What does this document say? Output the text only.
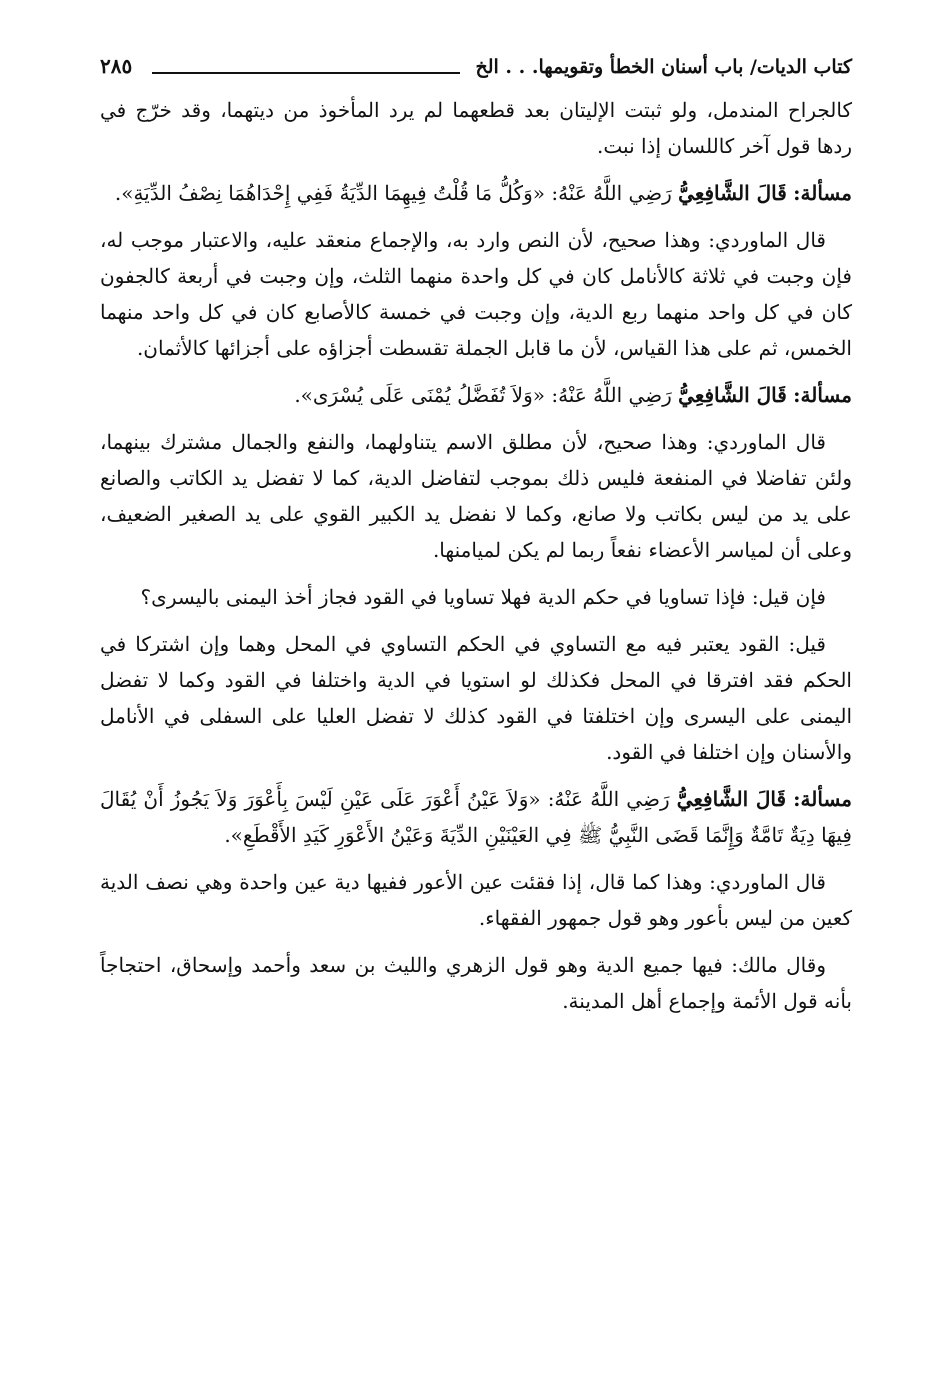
كتاب الديات/ باب أسنان الخطأ وتقويمها. . . الخ
٢٨٥

كالجراح المندمل، ولو ثبتت الإليتان بعد قطعهما لم يرد المأخوذ من ديتهما، وقد خرّج في ردها قول آخر كاللسان إذا نبت.

مسألة: قَالَ الشَّافِعِيُّ رَضِي اللَّهُ عَنْهُ: «وَكُلُّ مَا قُلْتُ فِيهِمَا الدِّيَةُ فَفِي إِحْدَاهُمَا نِصْفُ الدِّيَةِ».

قال الماوردي: وهذا صحيح، لأن النص وارد به، والإجماع منعقد عليه، والاعتبار موجب له، فإن وجبت في ثلاثة كالأنامل كان في كل واحدة منهما الثلث، وإن وجبت في أربعة كالجفون كان في كل واحد منهما ربع الدية، وإن وجبت في خمسة كالأصابع كان في كل واحد منهما الخمس، ثم على هذا القياس، لأن ما قابل الجملة تقسطت أجزاؤه على أجزائها كالأثمان.

مسألة: قَالَ الشَّافِعِيُّ رَضِي اللَّهُ عَنْهُ: «وَلاَ تُفَضَّلُ يُمْنَى عَلَى يُسْرَى».

قال الماوردي: وهذا صحيح، لأن مطلق الاسم يتناولهما، والنفع والجمال مشترك بينهما، ولئن تفاضلا في المنفعة فليس ذلك بموجب لتفاضل الدية، كما لا تفضل يد الكاتب والصانع على يد من ليس بكاتب ولا صانع، وكما لا نفضل يد الكبير القوي على يد الصغير الضعيف، وعلى أن لمياسر الأعضاء نفعاً ربما لم يكن لميامنها.

فإن قيل: فإذا تساويا في حكم الدية فهلا تساويا في القود فجاز أخذ اليمنى باليسرى؟

قيل: القود يعتبر فيه مع التساوي في الحكم التساوي في المحل وهما وإن اشتركا في الحكم فقد افترقا في المحل فكذلك لو استويا في الدية واختلفا في القود وكما لا تفضل اليمنى على اليسرى وإن اختلفتا في القود كذلك لا تفضل العليا على السفلى في الأنامل والأسنان وإن اختلفا في القود.

مسألة: قَالَ الشَّافِعِيُّ رَضِي اللَّهُ عَنْهُ: «وَلاَ عَيْنُ أَعْوَرَ عَلَى عَيْنِ لَيْسَ بِأَعْوَرَ وَلاَ يَجُوزُ أَنْ يُقَالَ فِيهَا دِيَةٌ تَامَّةٌ وَإِنَّمَا قَضَى النَّبِيُّ ﷺ فِي العَيْنَيْنِ الدِّيَةَ وَعَيْنُ الأَعْوَرِ كَيَدِ الأَقْطَعِ».

قال الماوردي: وهذا كما قال، إذا فقئت عين الأعور ففيها دية عين واحدة وهي نصف الدية كعين من ليس بأعور وهو قول جمهور الفقهاء.

وقال مالك: فيها جميع الدية وهو قول الزهري والليث بن سعد وأحمد وإسحاق، احتجاجاً بأنه قول الأئمة وإجماع أهل المدينة.
